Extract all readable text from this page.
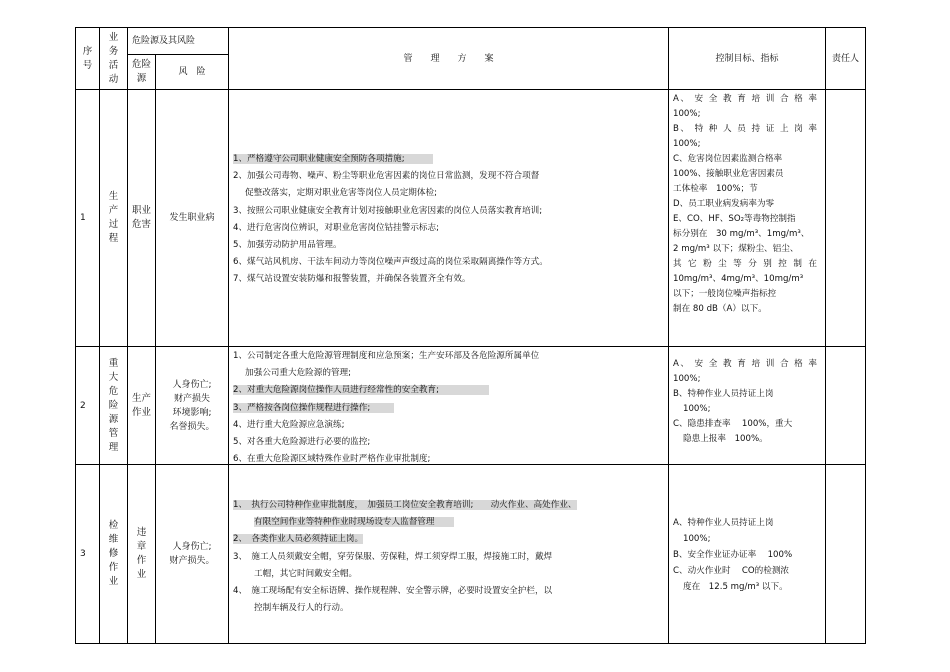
序
号
业
务
活
动
危险源及其风险
危险
源
风　险
管　　理　　方　　案	控制目标、指标	责任人
1
生
产
过
程
职业
危害
发生职业病
1、严格遵守公司职业健康安全预防各项措施;
2、加强公司毒物、噪声、粉尘等职业危害因素的岗位日常监测，发现不符合项督
促整改落实，定期对职业危害等岗位人员定期体检;
3、按照公司职业健康安全教育计划对接触职业危害因素的岗位人员落实教育培训;
4、进行危害岗位辨识，对职业危害岗位钴挂警示标志;
5、加强劳动防护用品管理。
6、煤气站风机房、干法车间动力等岗位噪声声级过高的岗位采取隔离操作等方式。
7、煤气站设置安装防爆和报警装置，并确保各装置齐全有效。
A、 安 全 教 育 培 训 合 格 率
100%;
B、 特 种 人 员 持 证 上 岗 率
100%;
C、危害岗位因素监测合格率
100%、接触职业危害因素员
工体检率　100%；节
D、员工职业病发病率为零
E、CO、HF、SO₂等毒物控制指
标分别在　30 mg/m³、1mg/m³、
2 mg/m³ 以下；煤粉尘、铝尘、
其 它 粉 尘 等 分 别 控 制 在
10mg/m³、4mg/m³、10mg/m³
以下；一般岗位噪声指标控
制在 80 dB（A）以下。
2
重
大
危
险
源
管
理
生产
作业
人身伤亡;
财产损失
环境影响;
名誉损失。
1、公司制定各重大危险源管理制度和应急预案；生产安环部及各危险源所属单位
加强公司重大危险源的管理;
2、对重大危险源岗位操作人员进行经常性的安全教育;
3、严格按各岗位操作规程进行操作;
4、进行重大危险源应急演练;
5、对各重大危险源进行必要的监控;
6、在重大危险源区域特殊作业时严格作业审批制度;
A、 安 全 教 育 培 训 合 格 率
100%;
B、特种作业人员持证上岗
100%;
C、隐患排查率　 100%，重大
隐患上报率　100%。
3
检
维
修
作
业
违
章
作
业
人身伤亡;
财产损失。
1、　执行公司特种作业审批制度，　加强员工岗位安全教育培训;　　动火作业、高处作业、
有限空间作业等特种作业时现场设专人监督管理
2、　各类作业人员必须持证上岗。
3、　施工人员须戴安全帽，穿劳保服、劳保鞋，焊工须穿焊工服，焊接施工时，戴焊
工帽，其它时间戴安全帽。
4、　施工现场配有安全标语牌、操作规程牌、安全警示牌，必要时设置安全护栏，以
控制车辆及行人的行动。
A、特种作业人员持证上岗
100%;
B、安全作业证办证率　 100%
C、动火作业时　 CO的检测浓
度在　12.5 mg/m³ 以下。
